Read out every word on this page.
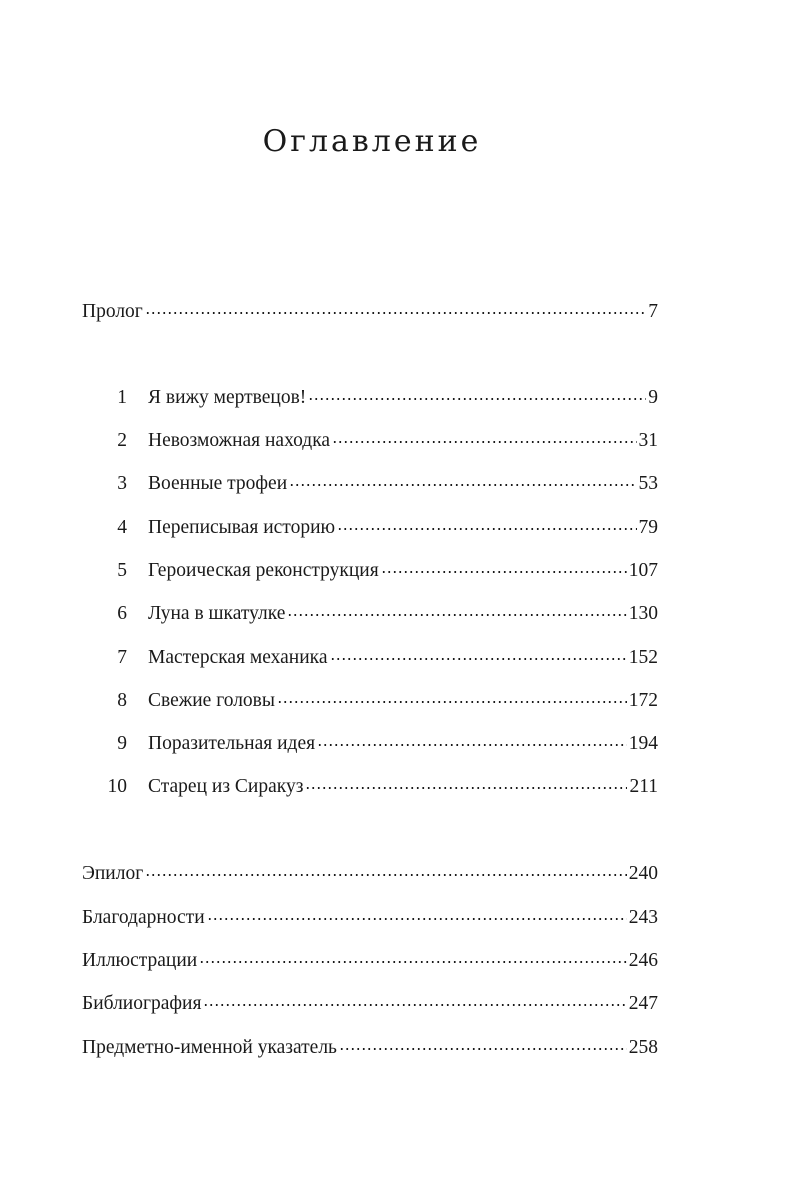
Оглавление
Пролог	7
1 Я вижу мертвецов!	9
2 Невозможная находка	31
3 Военные трофеи	53
4 Переписывая историю	79
5 Героическая реконструкция	107
6 Луна в шкатулке	130
7 Мастерская механика	152
8 Свежие головы	172
9 Поразительная идея	194
10 Старец из Сиракуз	211
Эпилог	240
Благодарности	243
Иллюстрации	246
Библиография	247
Предметно-именной указатель	258
